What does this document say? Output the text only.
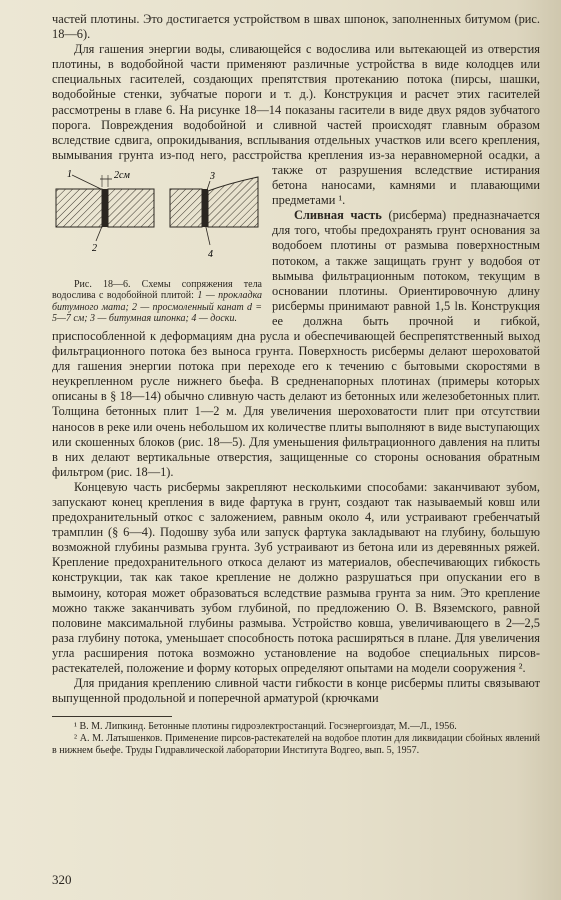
частей плотины. Это достигается устройством в швах шпонок, заполненных битумом (рис. 18—6).

Для гашения энергии воды, сливающейся с водослива или вытекающей из отверстия плотины, в водобойной части применяют различные устройства в виде колодцев или специальных гасителей, создающих препятствия протеканию потока (пирсы, шашки, водобойные стенки, зубчатые пороги и т. д.). Конструкция и расчет этих гасителей рассмотрены в главе 6. На рисунке 18—14 показаны гасители в виде двух рядов зубчатого порога. Повреждения водобойной и сливной частей происходят главным образом вследствие сдвига, опрокидывания, всплывания отдельных участков или всего крепления, вымывания грунта из-под него, расстройства крепления из-за неравномерной
1	2см
2
3
4
Рис. 18—6. Схемы сопряжения тела водослива с водобойной плитой: 1 — прокладка битумного мата; 2 — просмоленный канат d = 5—7 см; 3 — битумная шпонка; 4 — доски.
осадки, а также от разрушения вследствие истирания бетона наносами, камнями и плавающими предметами ¹.

Сливная часть (рисберма) предназначается для того, чтобы предохранять грунт основания за водобоем плотины от размыва поверхностным потоком, а также защищать грунт у водобоя от вымыва фильтрационным потоком, текущим в основании плотины. Ориентировочную длину рисбермы принимают равной 1,5 lв. Конструкция ее должна быть прочной и гибкой, приспособленной к деформациям дна русла и обеспечивающей беспрепятственный выход фильтрационного потока без выноса грунта. Поверхность рисбермы делают шероховатой для гашения энергии потока при переходе его к течению с бытовыми скоростями в неукрепленном русле нижнего бьефа. В средненапорных плотинах (примеры которых описаны в § 18—14) обычно сливную часть делают из бетонных или железобетонных плит. Толщина бетонных плит 1—2 м. Для увеличения шероховатости плит при отсутствии наносов в реке или очень небольшом их количестве плиты выполняют в виде выступающих или скошенных блоков (рис. 18—5). Для уменьшения фильтрационного давления на плиты в них делают вертикальные отверстия, защищенные со стороны основания обратным фильтром (рис. 18—1).

Концевую часть рисбермы закрепляют несколькими способами: заканчивают зубом, запускают конец крепления в виде фартука в грунт, создают так называемый ковш или предохранительный откос с заложением, равным около 4, или устраивают гребенчатый трамплин (§ 6—4). Подошву зуба или запуск фартука закладывают на глубину, большую возможной глубины размыва грунта. Зуб устраивают из бетона или из деревянных ряжей. Крепление предохранительного откоса делают из материалов, обеспечивающих гибкость конструкции, так как такое крепление не должно разрушаться при опускании его в вымоину, которая может образоваться вследствие размыва грунта за ним. Это крепление можно также заканчивать зубом глубиной, по предложению О. В. Вяземского, равной половине максимальной глубины размыва. Устройство ковша, увеличивающего в 2—2,5 раза глубину потока, уменьшает способность потока расширяться в плане. Для увеличения угла расширения потока возможно установление на водобое специальных пирсов-растекателей, положение и форму которых определяют опытами на модели сооружения ².

Для придания креплению сливной части гибкости в конце рисбермы плиты связывают выпущенной продольной и поперечной арматурой (крючками

¹ В. М. Липкинд. Бетонные плотины гидроэлектростанций. Госэнергоиздат, М.—Л., 1956.

² А. М. Латышенков. Применение пирсов-растекателей на водобое плотин для ликвидации сбойных явлений в нижнем бьефе. Труды Гидравлической лаборатории Института Водгео, вып. 5, 1957.

320
